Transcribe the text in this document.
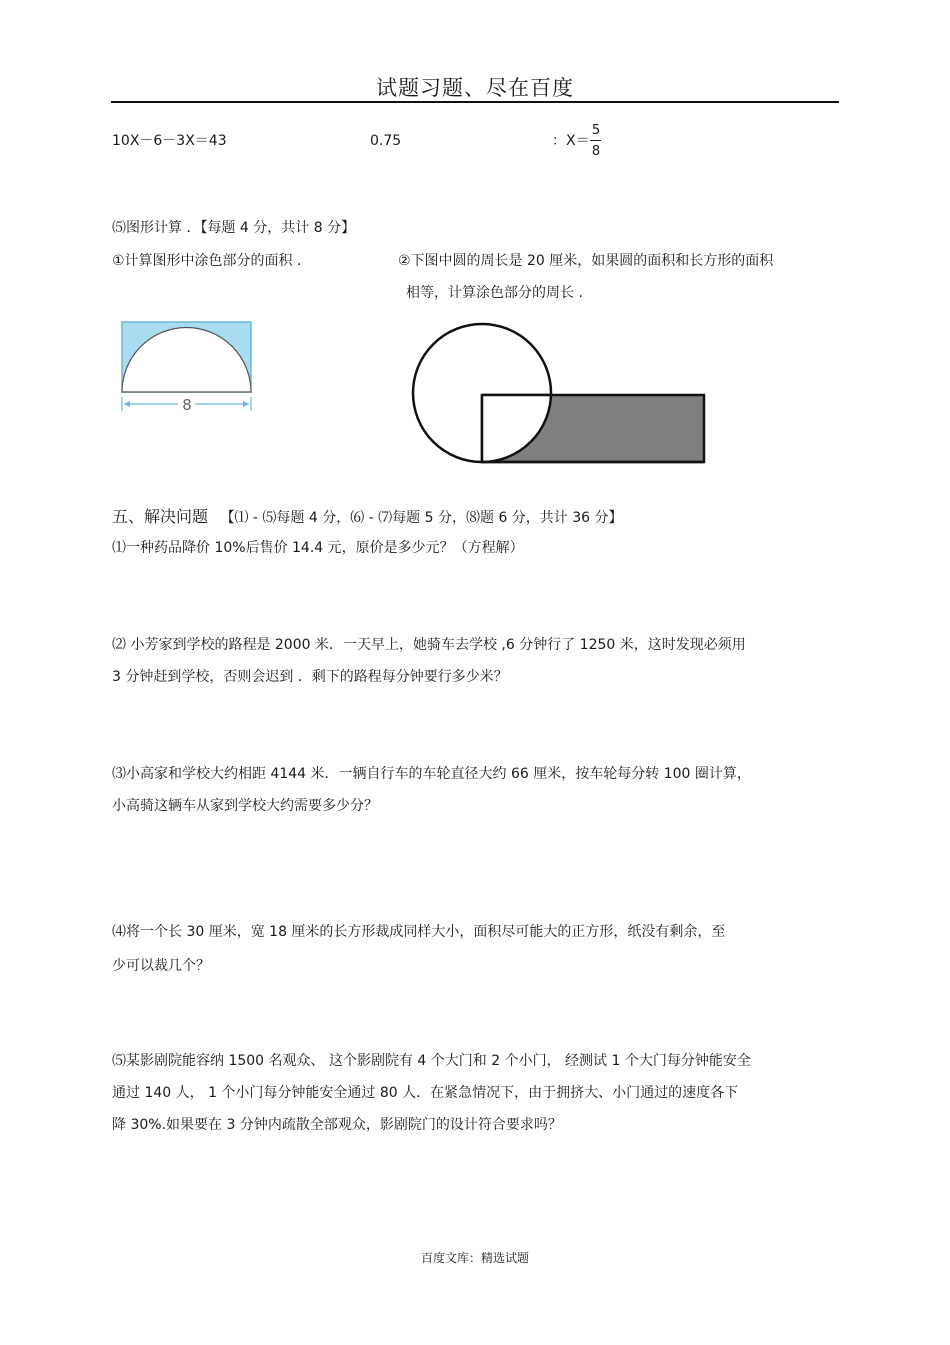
试题习题、尽在百度
10X－6－3X＝43	0.75	：X＝
5
8
⑸图形计算 ．【每题 4 分，共计 8 分】
①计算图形中涂色部分的面积 .	②下图中圆的周长是 20 厘米，如果圆的面积和长方形的面积
相等，计算涂色部分的周长 .
8
五、解决问题 【⑴ - ⑸每题 4 分，⑹ - ⑺每题 5 分，⑻题 6 分，共计 36 分】
⑴一种药品降价 10%后售价 14.4 元，原价是多少元？（方程解）
⑵ 小芳家到学校的路程是 2000 米．一天早上，她骑车去学校 ,6 分钟行了 1250 米，这时发现必须用
3 分钟赶到学校，否则会迟到 ．剩下的路程每分钟要行多少米？
⑶小高家和学校大约相距 4144 米．一辆自行车的车轮直径大约 66 厘米，按车轮每分转 100 圈计算，
小高骑这辆车从家到学校大约需要多少分？
⑷将一个长 30 厘米，宽 18 厘米的长方形裁成同样大小，面积尽可能大的正方形，纸没有剩余，至
少可以裁几个？
⑸某影剧院能容纳 1500 名观众、 这个影剧院有 4 个大门和 2 个小门， 经测试 1 个大门每分钟能安全
通过 140 人， 1 个小门每分钟能安全通过 80 人．在紧急情况下，由于拥挤大、小门通过的速度各下
降 30%.如果要在 3 分钟内疏散全部观众，影剧院门的设计符合要求吗？
百度文库：精选试题
